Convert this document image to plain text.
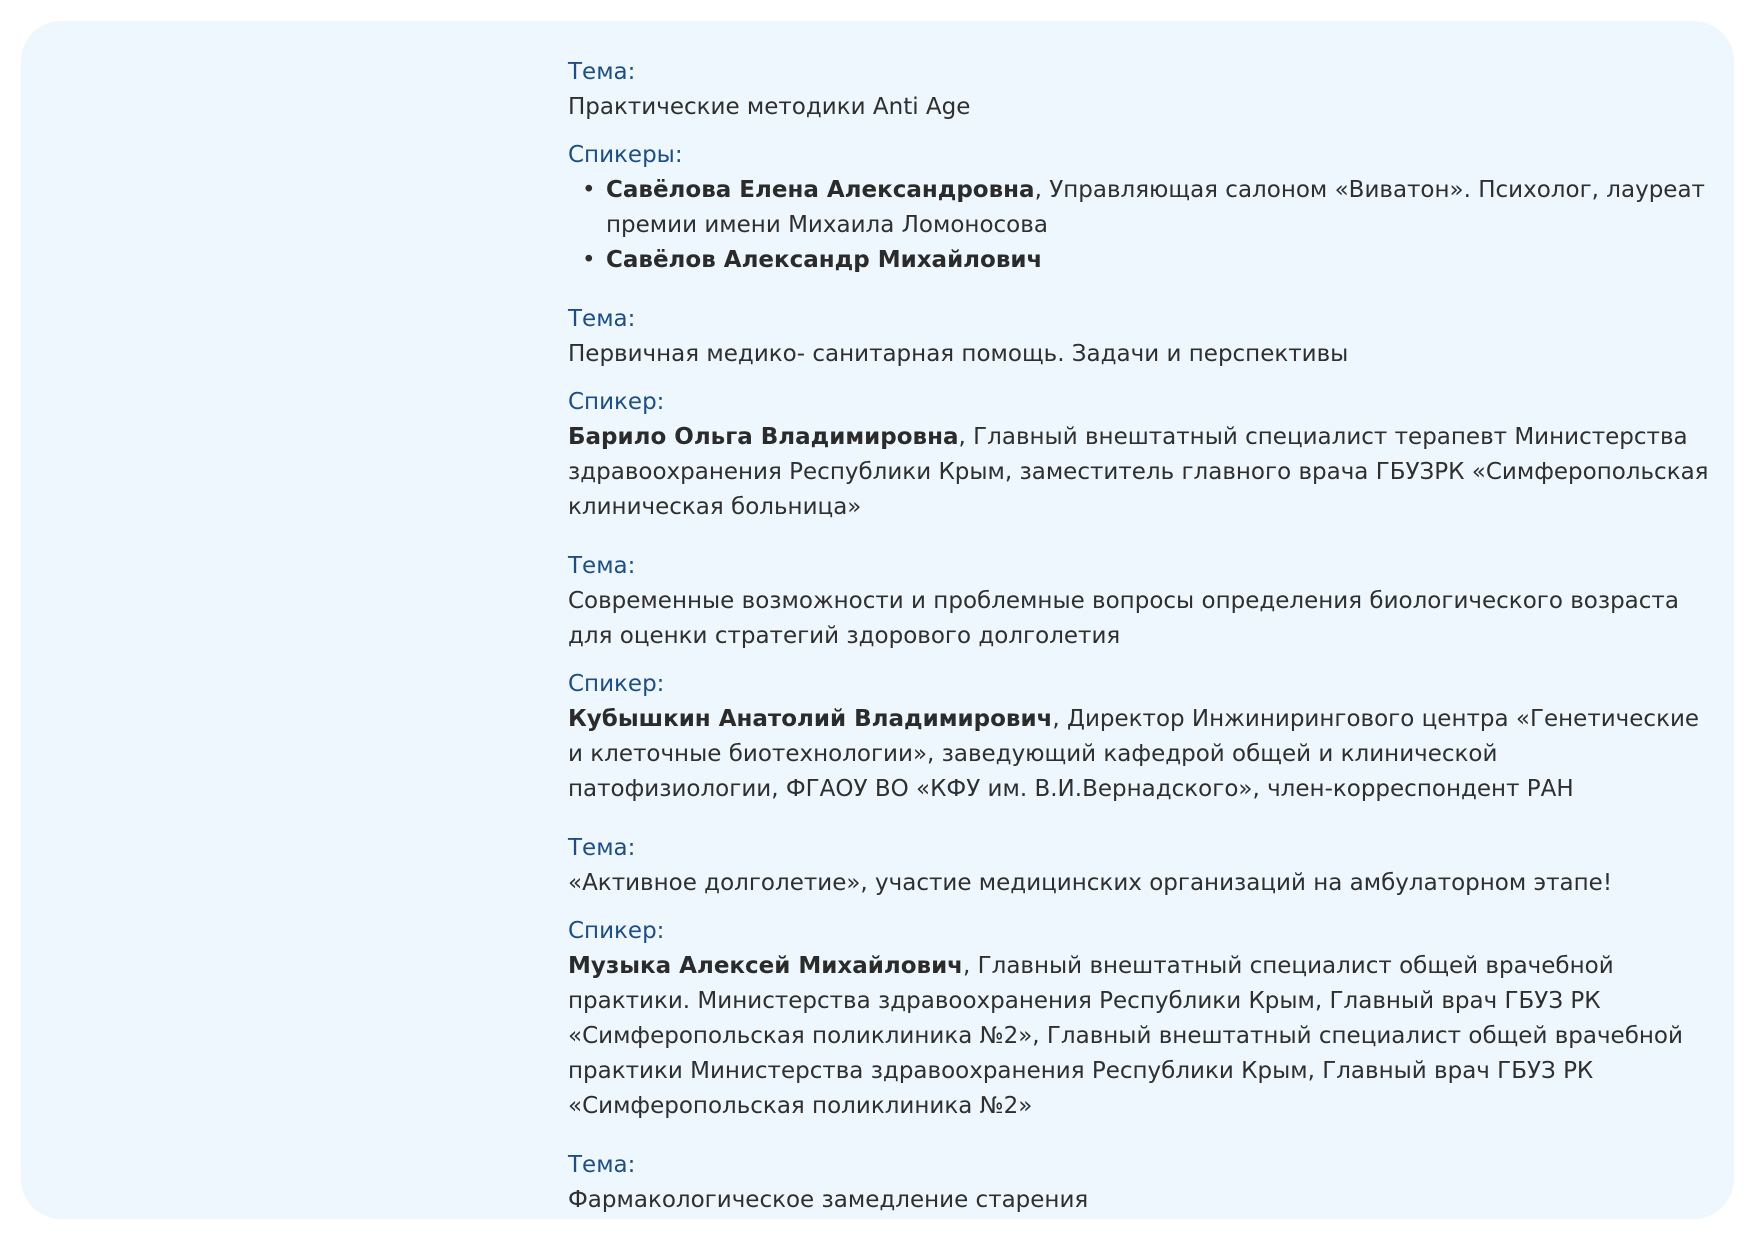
Тема:

Практические методики Anti Age

Спикеры:

• Савёлова Елена Александровна, Управляющая салоном «Виватон». Психолог, лауреат премии имени Михаила Ломоносова
• Савёлов Александр Михайлович

Тема:

Первичная медико- санитарная помощь. Задачи и перспективы

Спикер:

Барило Ольга Владимировна, Главный внештатный специалист терапевт Министерства здравоохранения Республики Крым, заместитель главного врача ГБУЗРК «Симферопольская клиническая больница»

Тема:

Современные возможности и проблемные вопросы определения биологического возраста для оценки стратегий здорового долголетия

Спикер:

Кубышкин Анатолий Владимирович, Директор Инжинирингового центра «Генетические и клеточные биотехнологии», заведующий кафедрой общей и клинической патофизиологии, ФГАОУ ВО «КФУ им. В.И.Вернадского», член-корреспондент РАН

Тема:

«Активное долголетие», участие медицинских организаций на амбулаторном этапе!

Спикер:

Музыка Алексей Михайлович, Главный внештатный специалист общей врачебной практики. Министерства здравоохранения Республики Крым, Главный врач ГБУЗ РК «Симферопольская поликлиника №2», Главный внештатный специалист общей врачебной практики Министерства здравоохранения Республики Крым, Главный врач ГБУЗ РК «Симферопольская поликлиника №2»

Тема:

Фармакологическое замедление старения
